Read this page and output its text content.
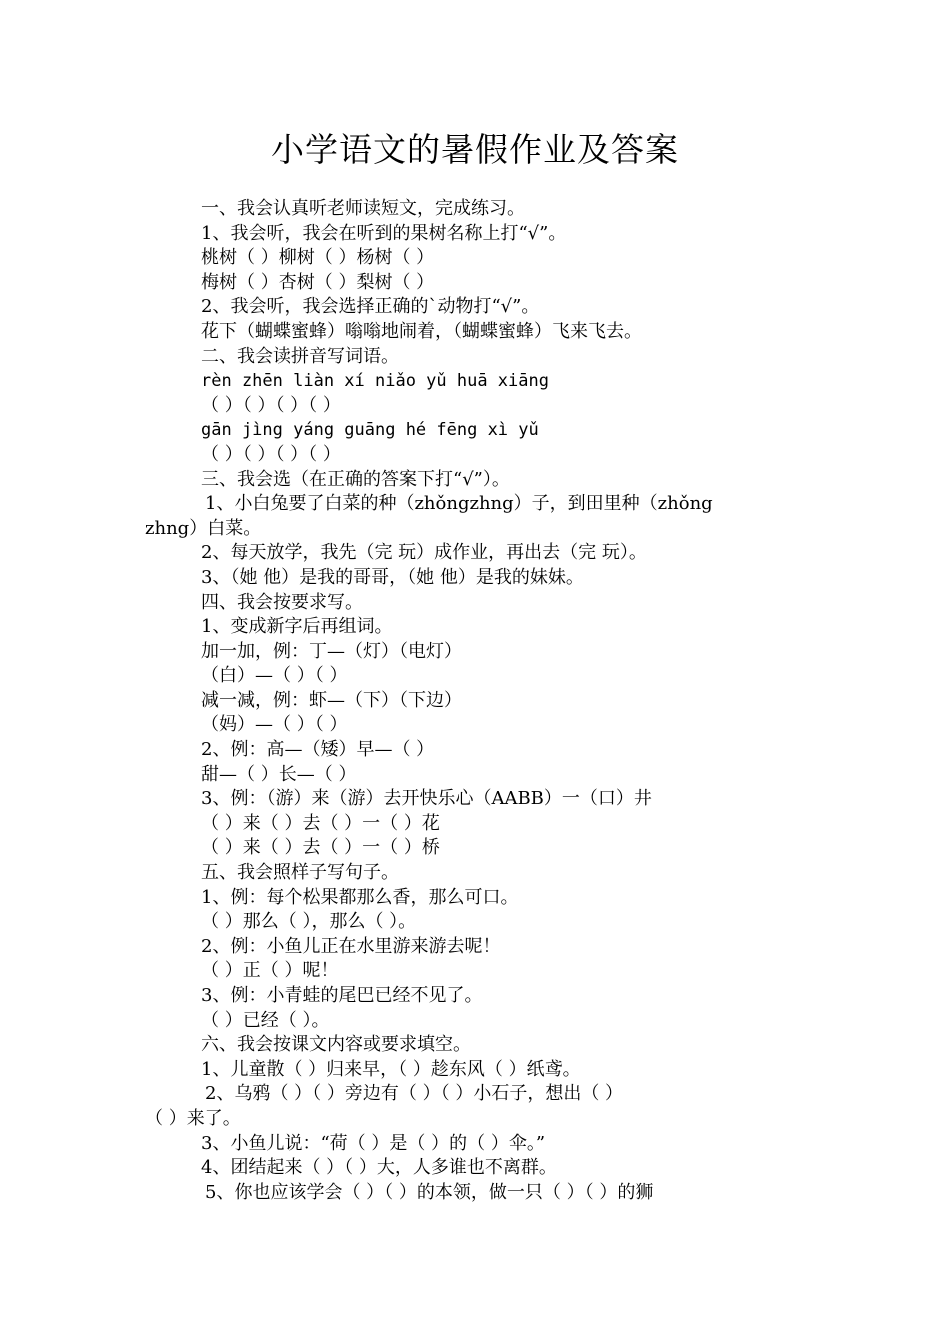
小学语文的暑假作业及答案
一、我会认真听老师读短文，完成练习。
1、我会听，我会在听到的果树名称上打“√”。
桃树（ ）柳树（ ）杨树（ ）
梅树（ ）杏树（ ）梨树（ ）
2、我会听，我会选择正确的`动物打“√”。
花下（蝴蝶蜜蜂）嗡嗡地闹着，（蝴蝶蜜蜂）飞来飞去。
二、我会读拼音写词语。
rèn zhēn liàn xí niǎo yǔ huā xiāng
（ ）（ ）（ ）（ ）
gān jìng yáng guāng hé fēng xì yǔ
（ ）（ ）（ ）（ ）
三、我会选（在正确的答案下打“√”）。
1、小白兔要了白菜的种（zhǒngzhng）子，到田里种（zhǒng
zhng）白菜。
2、每天放学，我先（完 玩）成作业，再出去（完 玩）。
3、（她 他）是我的哥哥，（她 他）是我的妹妹。
四、我会按要求写。
1、变成新字后再组词。
加一加，例：丁—（灯）（电灯）
（白）—（ ）（ ）
减一减，例：虾—（下）（下边）
（妈）—（ ）（ ）
2、例：高—（矮）早—（ ）
甜—（ ）长—（ ）
3、例：（游）来（游）去开快乐心（AABB）一（口）井
（ ）来（ ）去（ ）一（ ）花
（ ）来（ ）去（ ）一（ ）桥
五、我会照样子写句子。
1、例：每个松果都那么香，那么可口。
（ ）那么（ ），那么（ ）。
2、例：小鱼儿正在水里游来游去呢！
（ ）正（ ）呢！
3、例：小青蛙的尾巴已经不见了。
（ ）已经（ ）。
六、我会按课文内容或要求填空。
1、儿童散（ ）归来早，（ ）趁东风（ ）纸鸢。
2、乌鸦（ ）（ ）旁边有（ ）（ ）小石子，想出（ ）
（ ）来了。
3、小鱼儿说：“荷（ ）是（ ）的（ ）伞。”
4、团结起来（ ）（ ）大，人多谁也不离群。
5、你也应该学会（ ）（ ）的本领，做一只（ ）（ ）的狮
